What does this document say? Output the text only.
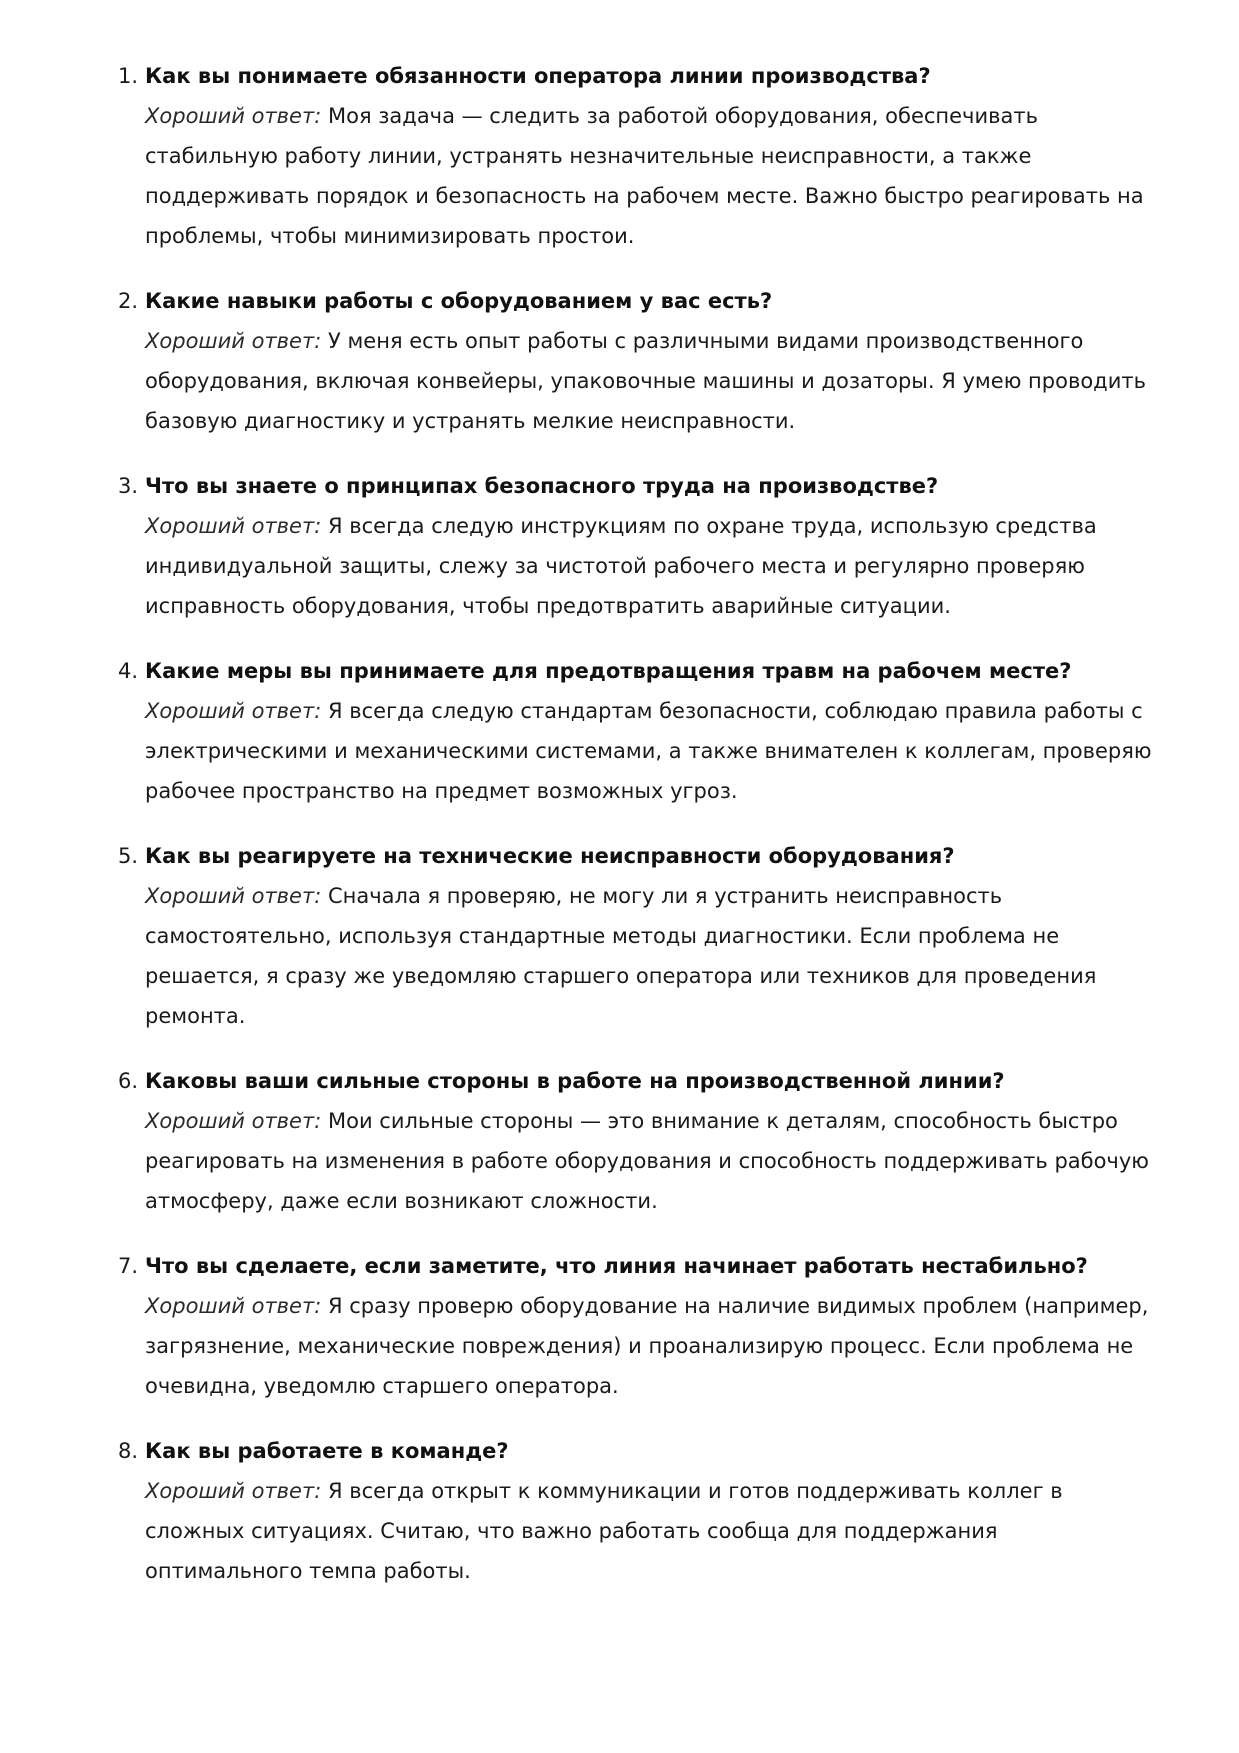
1. Как вы понимаете обязанности оператора линии производства?

Хороший ответ: Моя задача — следить за работой оборудования, обеспечивать стабильную работу линии, устранять незначительные неисправности, а также поддерживать порядок и безопасность на рабочем месте. Важно быстро реагировать на проблемы, чтобы минимизировать простои.

2. Какие навыки работы с оборудованием у вас есть?

Хороший ответ: У меня есть опыт работы с различными видами производственного оборудования, включая конвейеры, упаковочные машины и дозаторы. Я умею проводить базовую диагностику и устранять мелкие неисправности.

3. Что вы знаете о принципах безопасного труда на производстве?

Хороший ответ: Я всегда следую инструкциям по охране труда, использую средства индивидуальной защиты, слежу за чистотой рабочего места и регулярно проверяю исправность оборудования, чтобы предотвратить аварийные ситуации.

4. Какие меры вы принимаете для предотвращения травм на рабочем месте?

Хороший ответ: Я всегда следую стандартам безопасности, соблюдаю правила работы с электрическими и механическими системами, а также внимателен к коллегам, проверяю рабочее пространство на предмет возможных угроз.

5. Как вы реагируете на технические неисправности оборудования?

Хороший ответ: Сначала я проверяю, не могу ли я устранить неисправность самостоятельно, используя стандартные методы диагностики. Если проблема не решается, я сразу же уведомляю старшего оператора или техников для проведения ремонта.

6. Каковы ваши сильные стороны в работе на производственной линии?

Хороший ответ: Мои сильные стороны — это внимание к деталям, способность быстро реагировать на изменения в работе оборудования и способность поддерживать рабочую атмосферу, даже если возникают сложности.

7. Что вы сделаете, если заметите, что линия начинает работать нестабильно?

Хороший ответ: Я сразу проверю оборудование на наличие видимых проблем (например, загрязнение, механические повреждения) и проанализирую процесс. Если проблема не очевидна, уведомлю старшего оператора.

8. Как вы работаете в команде?

Хороший ответ: Я всегда открыт к коммуникации и готов поддерживать коллег в сложных ситуациях. Считаю, что важно работать сообща для поддержания оптимального темпа работы.
